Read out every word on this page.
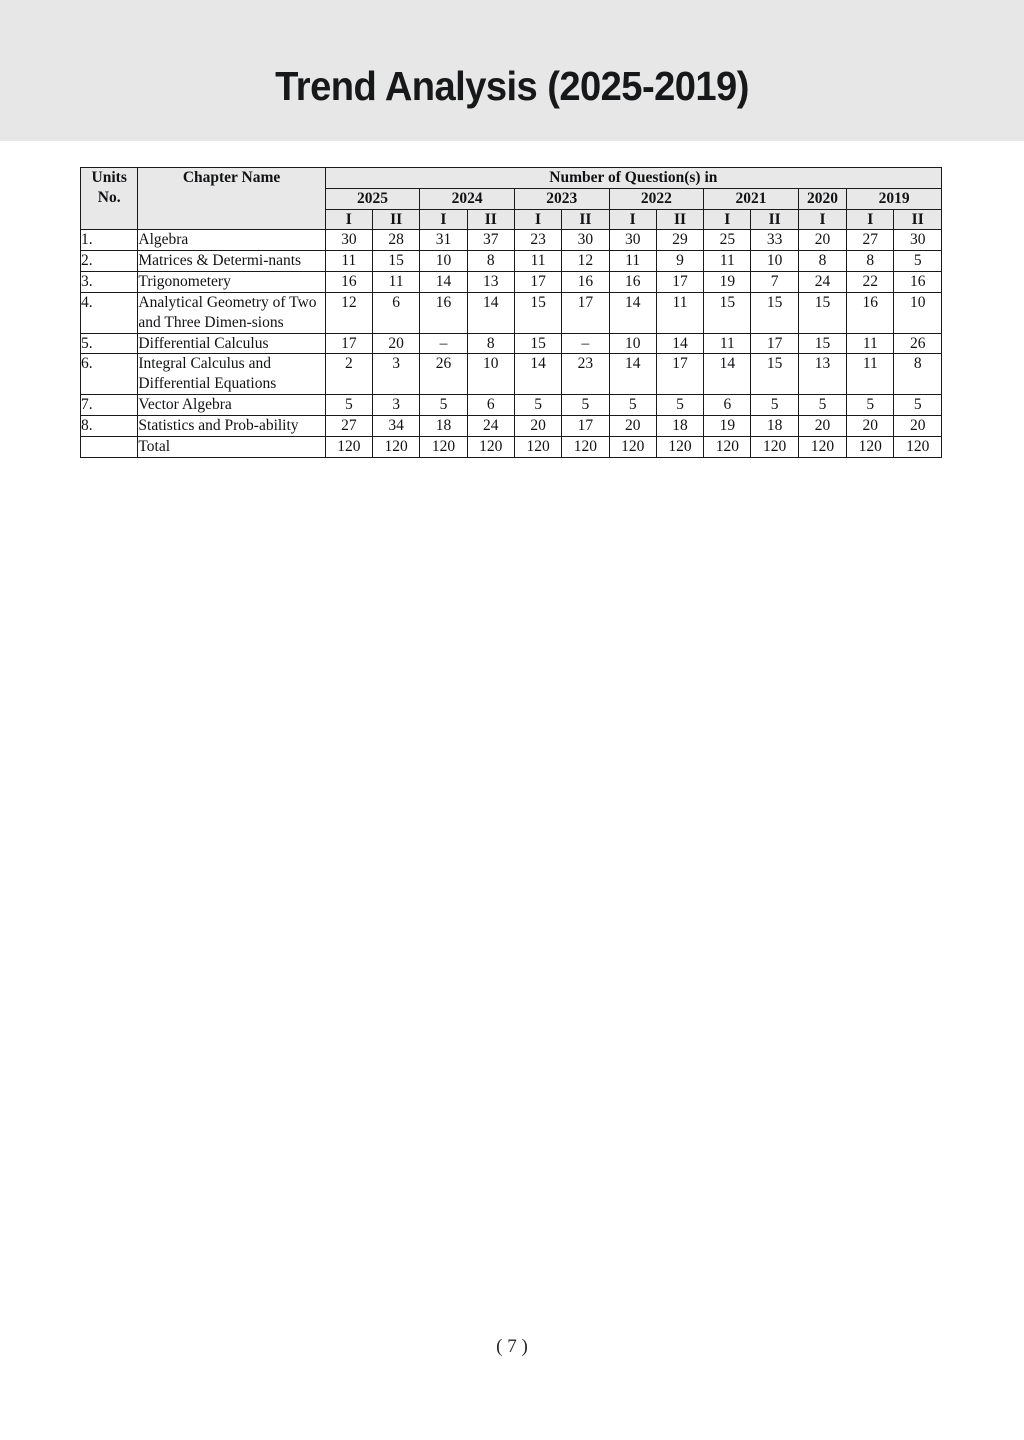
Trend Analysis (2025-2019)
Units No.	Chapter Name	Number of Question(s) in												
		2025		2024		2023		2022		2021		2020	2019	
		I	II	I	II	I	II	I	II	I	II	I	I	II
1.	Algebra	30	28	31	37	23	30	30	29	25	33	20	27	30
2.	Matrices & Determi-nants	11	15	10	8	11	12	11	9	11	10	8	8	5
3.	Trigonometery	16	11	14	13	17	16	16	17	19	7	24	22	16
4.	Analytical Geometry of Two and Three Dimen-sions	12	6	16	14	15	17	14	11	15	15	15	16	10
5.	Differential Calculus	17	20	–	8	15	–	10	14	11	17	15	11	26
6.	Integral Calculus and Differential Equations	2	3	26	10	14	23	14	17	14	15	13	11	8
7.	Vector Algebra	5	3	5	6	5	5	5	5	6	5	5	5	5
8.	Statistics and Prob-ability	27	34	18	24	20	17	20	18	19	18	20	20	20
	Total	120	120	120	120	120	120	120	120	120	120	120	120	120
( 7 )
